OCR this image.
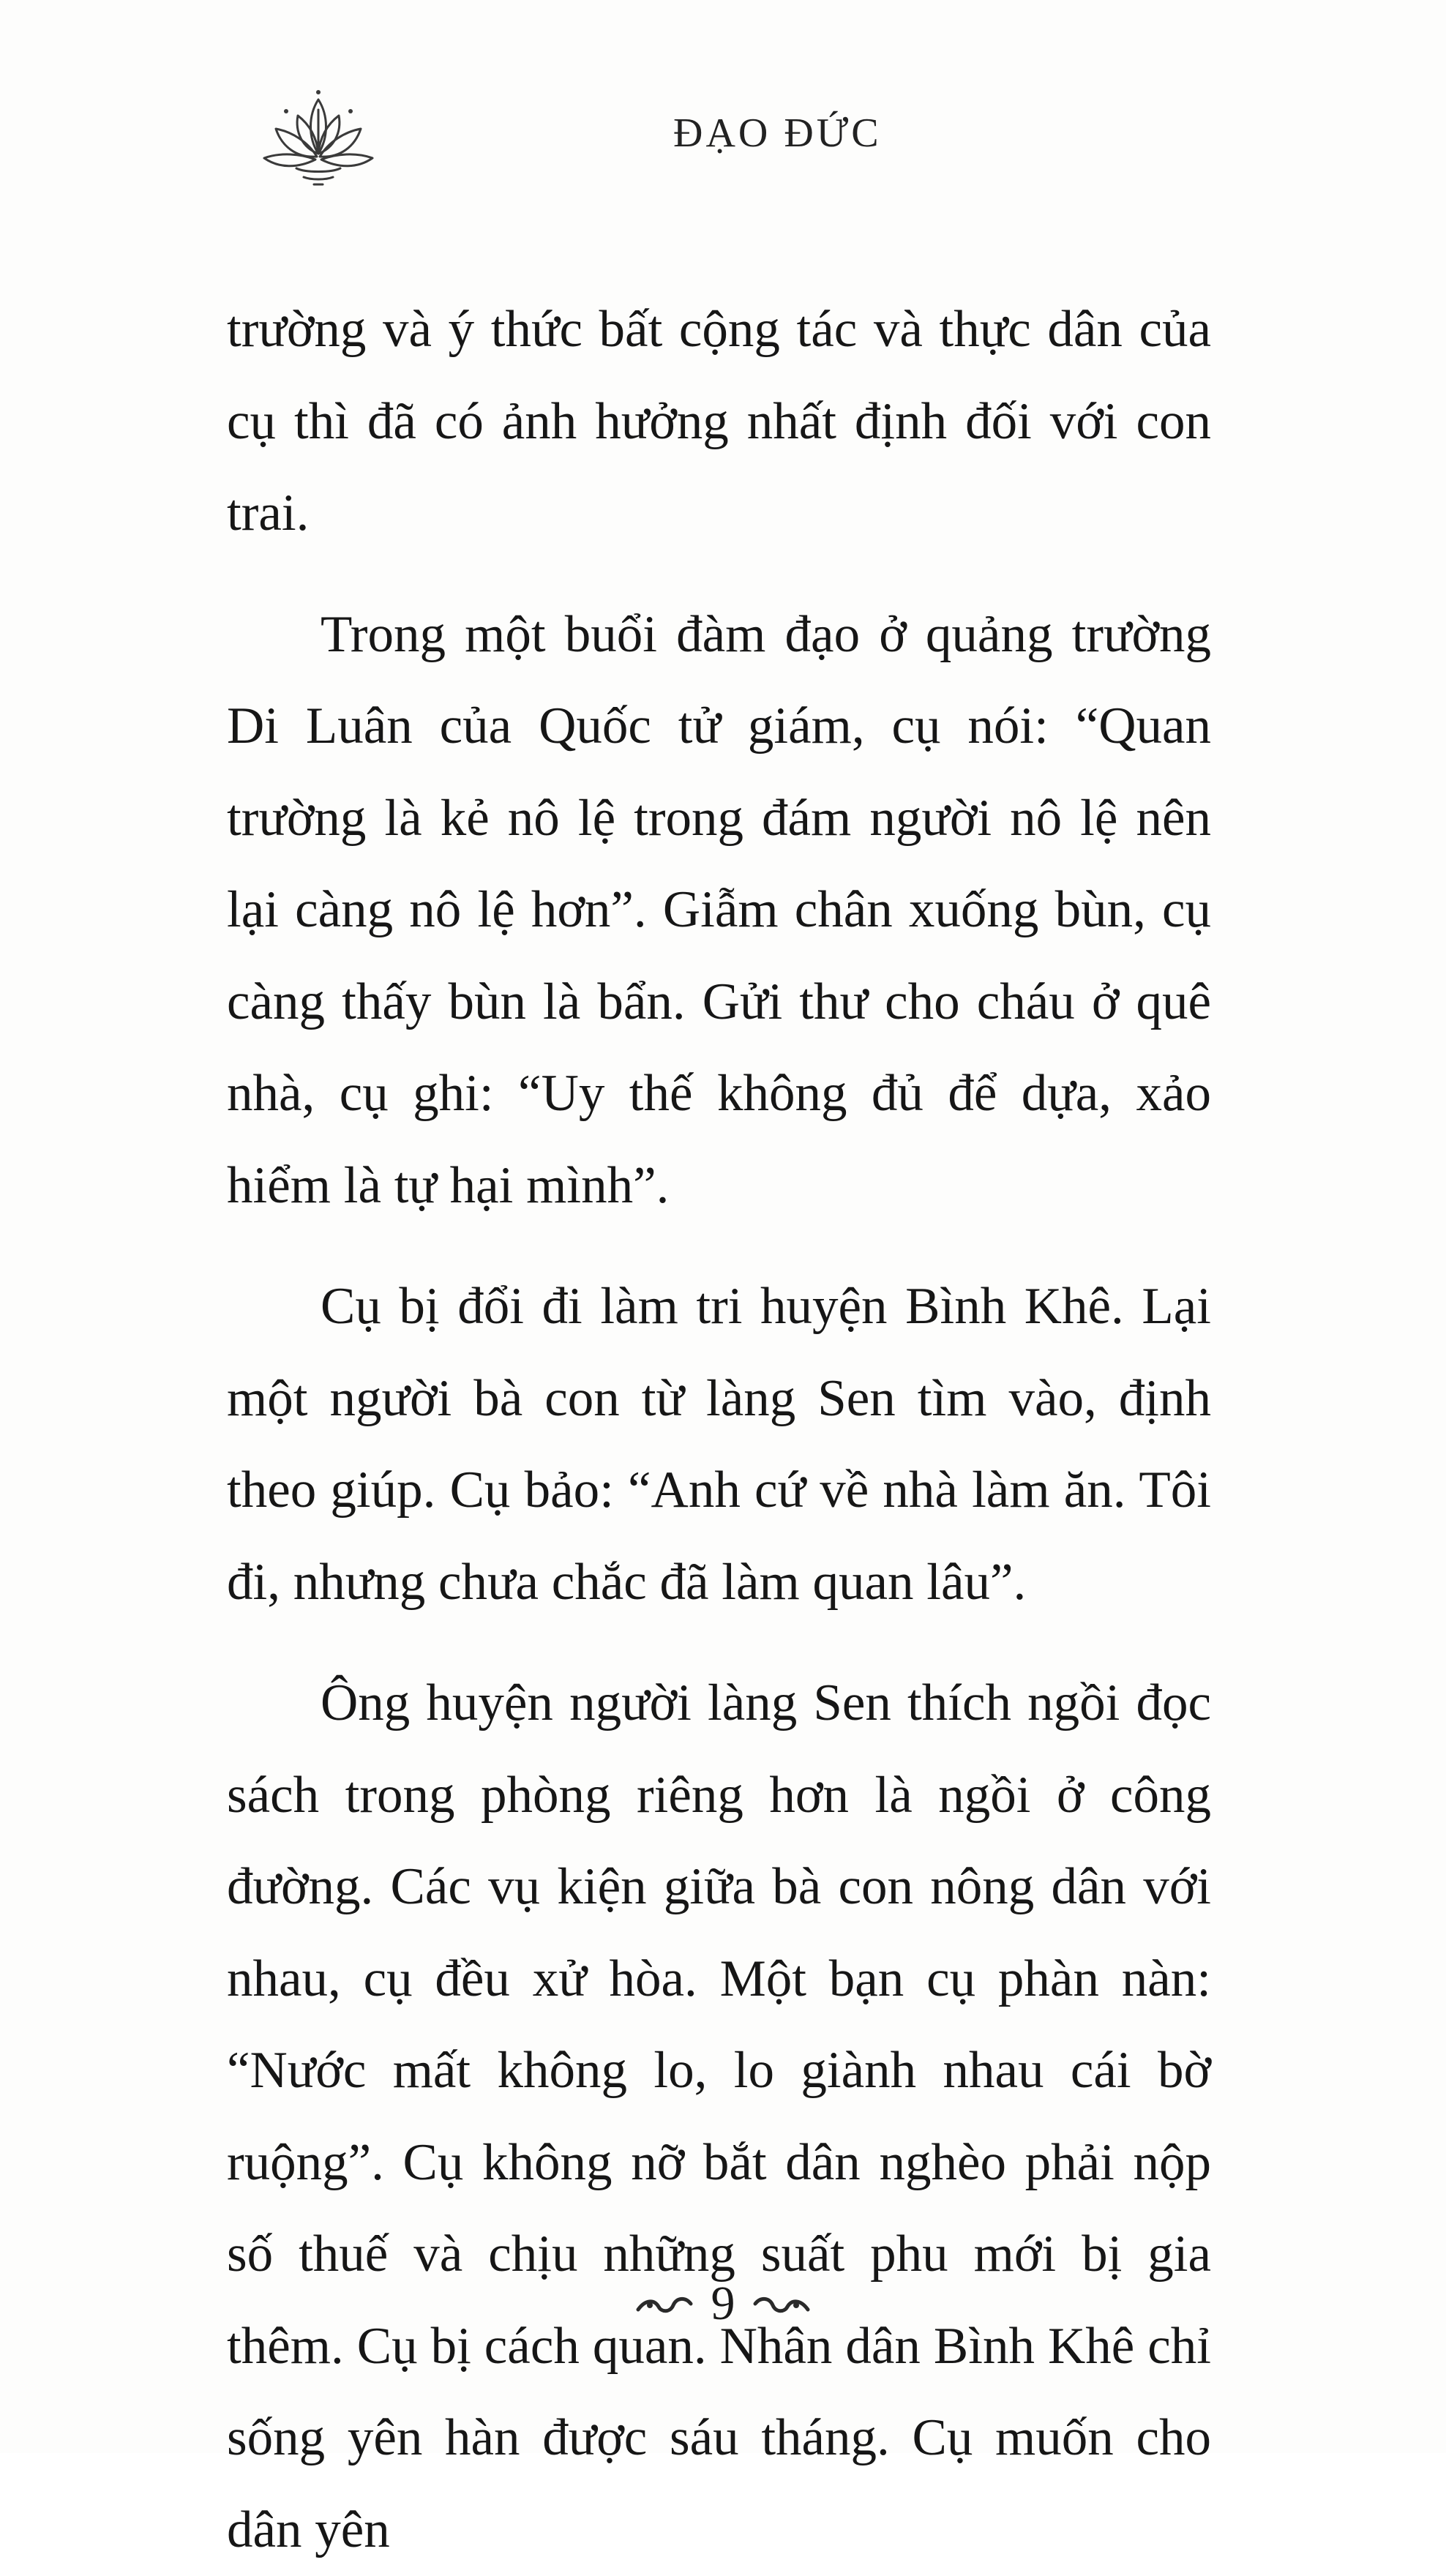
ĐẠO ĐỨC

trường và ý thức bất cộng tác và thực dân của cụ thì đã có ảnh hưởng nhất định đối với con trai.

Trong một buổi đàm đạo ở quảng trường Di Luân của Quốc tử giám, cụ nói: “Quan trường là kẻ nô lệ trong đám người nô lệ nên lại càng nô lệ hơn”. Giẫm chân xuống bùn, cụ càng thấy bùn là bẩn. Gửi thư cho cháu ở quê nhà, cụ ghi: “Uy thế không đủ để dựa, xảo hiểm là tự hại mình”.

Cụ bị đổi đi làm tri huyện Bình Khê. Lại một người bà con từ làng Sen tìm vào, định theo giúp. Cụ bảo: “Anh cứ về nhà làm ăn. Tôi đi, nhưng chưa chắc đã làm quan lâu”.

Ông huyện người làng Sen thích ngồi đọc sách trong phòng riêng hơn là ngồi ở công đường. Các vụ kiện giữa bà con nông dân với nhau, cụ đều xử hòa. Một bạn cụ phàn nàn: “Nước mất không lo, lo giành nhau cái bờ ruộng”. Cụ không nỡ bắt dân nghèo phải nộp số thuế và chịu những suất phu mới bị gia thêm. Cụ bị cách quan. Nhân dân Bình Khê chỉ sống yên hàn được sáu tháng. Cụ muốn cho dân yên

9
